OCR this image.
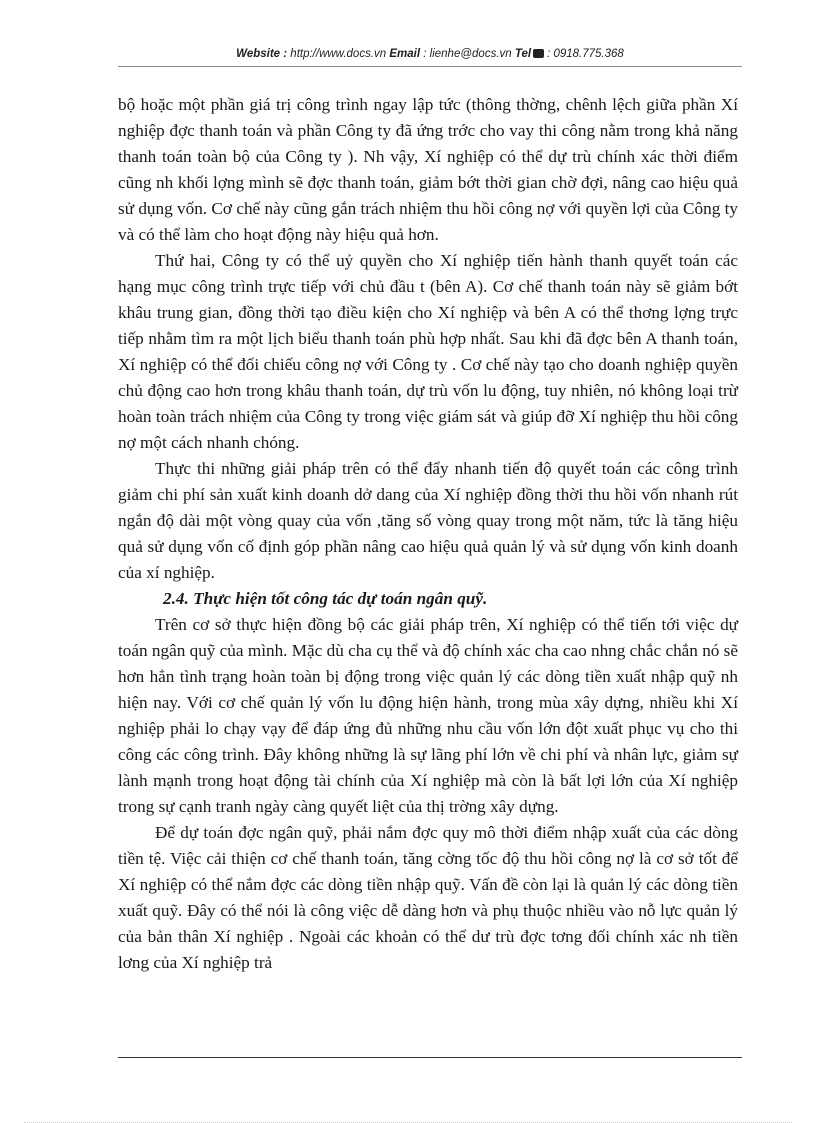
Website : http://www.docs.vn Email : lienhe@docs.vn Tel : 0918.775.368

bộ hoặc một phần giá trị công trình ngay lập tức (thông thờng, chênh lệch giữa phần Xí nghiệp đợc thanh toán và phần Công ty đã ứng trớc cho vay thi công nằm trong khả năng thanh toán toàn bộ của Công ty ). Nh vậy, Xí nghiệp có thể dự trù chính xác thời điểm cũng nh khối lợng mình sẽ đợc thanh toán, giảm bớt thời gian chờ đợi, nâng cao hiệu quả sử dụng vốn. Cơ chế này cũng gắn trách nhiệm thu hồi công nợ với quyền lợi của Công ty và có thể làm cho hoạt động này hiệu quả hơn.

Thứ hai, Công ty có thể uỷ quyền cho Xí nghiệp tiến hành thanh quyết toán các hạng mục công trình trực tiếp với chủ đầu t (bên A). Cơ chế thanh toán này sẽ giảm bớt khâu trung gian, đồng thời tạo điều kiện cho Xí nghiệp và bên A có thể thơng lợng trực tiếp nhằm tìm ra một lịch biểu thanh toán phù hợp nhất. Sau khi đã đợc bên A thanh toán, Xí nghiệp có thể đối chiếu công nợ với Công ty . Cơ chế này tạo cho doanh nghiệp quyền chủ động cao hơn trong khâu thanh toán, dự trù vốn lu động, tuy nhiên, nó không loại trừ hoàn toàn trách nhiệm của Công ty trong việc giám sát và giúp đỡ Xí nghiệp thu hồi công nợ một cách nhanh chóng.

Thực thi những giải pháp trên có thể đẩy nhanh tiến độ quyết toán các công trình giảm chi phí sản xuất kinh doanh dở dang của Xí nghiệp đồng thời thu hồi vốn nhanh rút ngắn độ dài một vòng quay của vốn ,tăng số vòng quay trong một năm, tức là tăng hiệu quả sử dụng vốn cố định góp phần nâng cao hiệu quả quản lý và sử dụng vốn kinh doanh của xí nghiệp.

2.4. Thực hiện tốt công tác dự toán ngân quỹ.

Trên cơ sở thực hiện đồng bộ các giải pháp trên, Xí nghiệp có thể tiến tới việc dự toán ngân quỹ của mình. Mặc dù cha cụ thể và độ chính xác cha cao nhng chắc chắn nó sẽ hơn hẳn tình trạng hoàn toàn bị động trong việc quản lý các dòng tiền xuất nhập quỹ nh hiện nay. Với cơ chế quản lý vốn lu động hiện hành, trong mùa xây dựng, nhiều khi Xí nghiệp phải lo chạy vạy để đáp ứng đủ những nhu cầu vốn lớn đột xuất phục vụ cho thi công các công trình. Đây không những là sự lãng phí lớn về chi phí và nhân lực, giảm sự lành mạnh trong hoạt động tài chính của Xí nghiệp mà còn là bất lợi lớn của Xí nghiệp trong sự cạnh tranh ngày càng quyết liệt của thị trờng xây dựng.

Để dự toán đợc ngân quỹ, phải nắm đợc quy mô thời điểm nhập xuất của các dòng tiền tệ. Việc cải thiện cơ chế thanh toán, tăng cờng tốc độ thu hồi công nợ là cơ sở tốt để Xí nghiệp có thể nắm đợc các dòng tiền nhập quỹ. Vấn đề còn lại là quản lý các dòng tiền xuất quỹ. Đây có thể nói là công việc dễ dàng hơn và phụ thuộc nhiều vào nỗ lực quản lý của bản thân Xí nghiệp . Ngoài các khoản có thể dư trù đợc tơng đối chính xác nh tiền lơng của Xí nghiệp trả
